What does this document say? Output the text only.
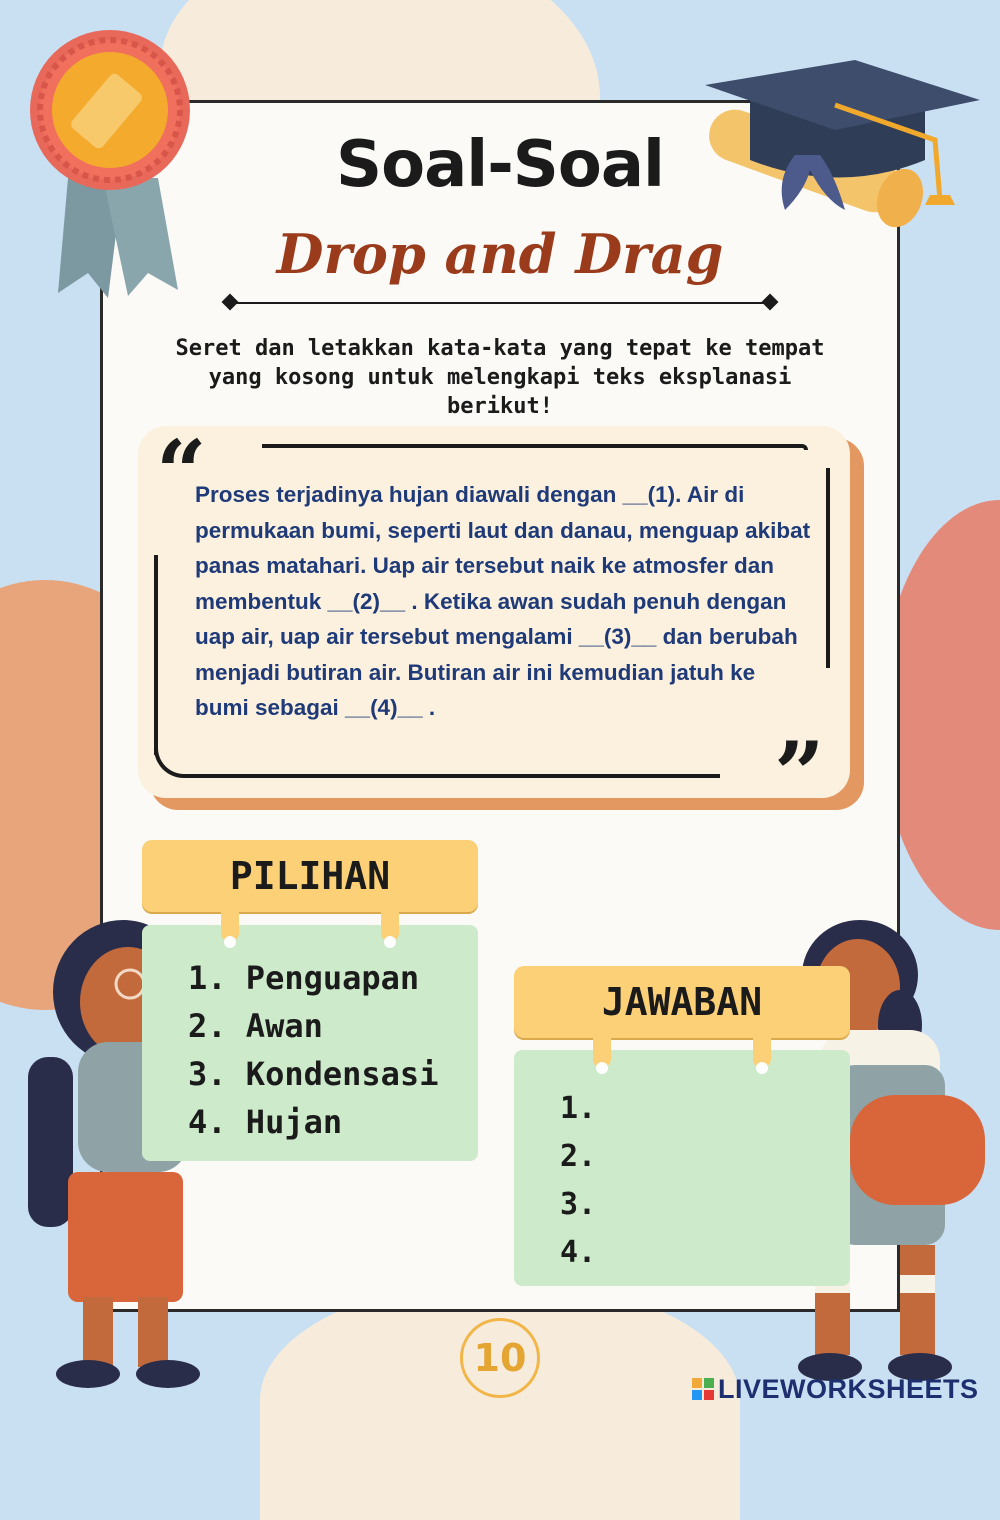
Soal-Soal
Drop and Drag
Seret dan letakkan kata-kata yang tepat ke tempat yang kosong untuk melengkapi teks eksplanasi berikut!
“
”
Proses terjadinya hujan diawali dengan __(1). Air di permukaan bumi, seperti laut dan danau, menguap akibat panas matahari. Uap air tersebut naik ke atmosfer dan membentuk __(2)__ . Ketika awan sudah penuh dengan uap air, uap air tersebut mengalami __(3)__ dan berubah menjadi butiran air. Butiran air ini kemudian jatuh ke bumi sebagai __(4)__ .
PILIHAN
1. Penguapan
2. Awan
3. Kondensasi
4. Hujan
JAWABAN
1.
2.
3.
4.
10
LIVEWORKSHEETS
